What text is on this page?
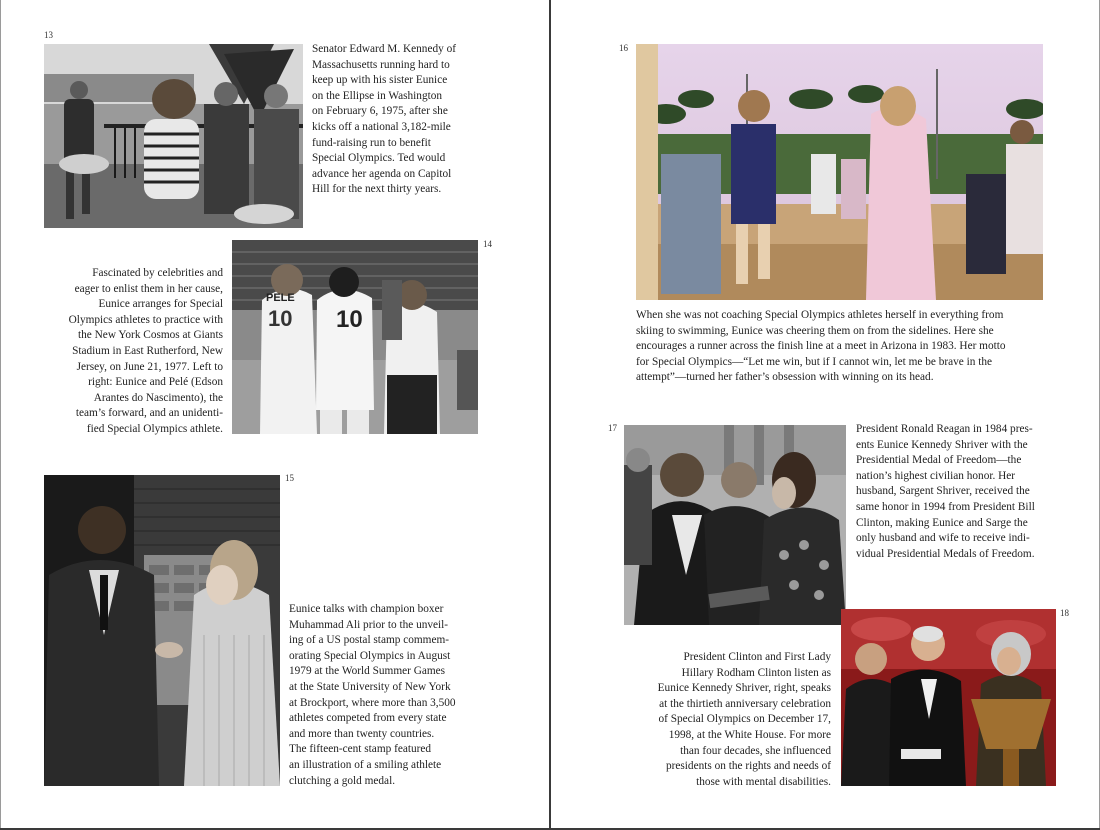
13
Senator Edward M. Kennedy of
Massachusetts running hard to
keep up with his sister Eunice
on the Ellipse in Washington
on February 6, 1975, after she
kicks off a national 3,182-mile
fund-raising run to benefit
Special Olympics. Ted would
advance her agenda on Capitol
Hill for the next thirty years.
14
PELE
10 10
Fascinated by celebrities and
eager to enlist them in her cause,
Eunice arranges for Special
Olympics athletes to practice with
the New York Cosmos at Giants
Stadium in East Rutherford, New
Jersey, on June 21, 1977. Left to
right: Eunice and Pelé (Edson
Arantes do Nascimento), the
team’s forward, and an unidenti-
fied Special Olympics athlete.
15
Eunice talks with champion boxer
Muhammad Ali prior to the unveil-
ing of a US postal stamp commem-
orating Special Olympics in August
1979 at the World Summer Games
at the State University of New York
at Brockport, where more than 3,500
athletes competed from every state
and more than twenty countries.
The fifteen-cent stamp featured
an illustration of a smiling athlete
clutching a gold medal.
16
When she was not coaching Special Olympics athletes herself in everything from
skiing to swimming, Eunice was cheering them on from the sidelines. Here she
encourages a runner across the finish line at a meet in Arizona in 1983. Her motto
for Special Olympics—“Let me win, but if I cannot win, let me be brave in the
attempt”—turned her father’s obsession with winning on its head.
17	President Ronald Reagan in 1984 pres-
ents Eunice Kennedy Shriver with the
Presidential Medal of Freedom—the
nation’s highest civilian honor. Her
husband, Sargent Shriver, received the
same honor in 1994 from President Bill
Clinton, making Eunice and Sarge the
only husband and wife to receive indi-
vidual Presidential Medals of Freedom.
18
President Clinton and First Lady
Hillary Rodham Clinton listen as
Eunice Kennedy Shriver, right, speaks
at the thirtieth anniversary celebration
of Special Olympics on December 17,
1998, at the White House. For more
than four decades, she influenced
presidents on the rights and needs of
those with mental disabilities.
